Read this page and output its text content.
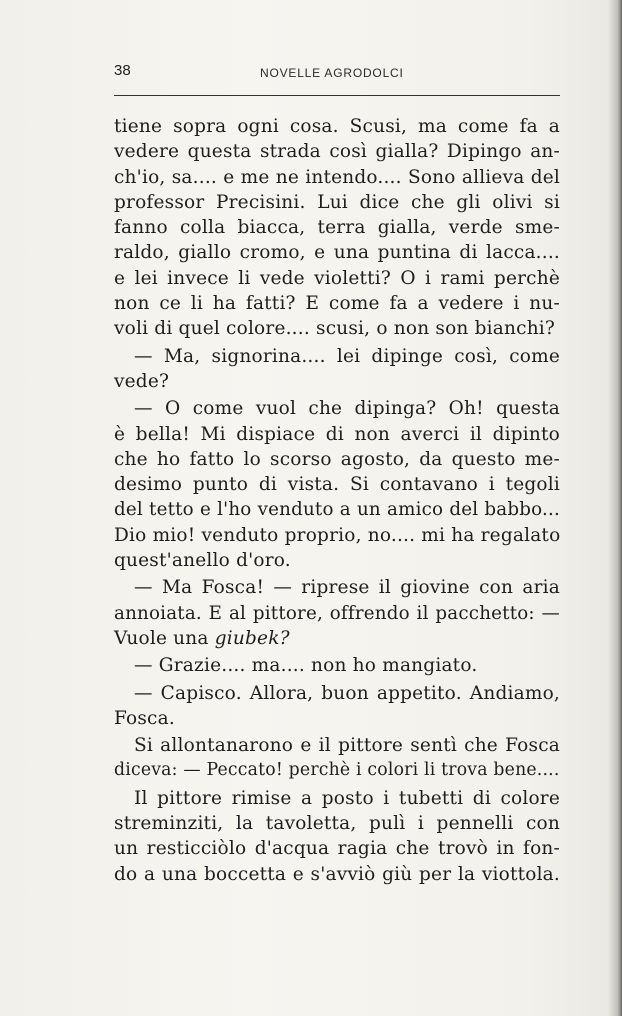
38	NOVELLE AGRODOLCI
tiene sopra ogni cosa. Scusi, ma come fa a
vedere questa strada così gialla? Dipingo an-
ch'io, sa.... e me ne intendo.... Sono allieva del
professor Precisini. Lui dice che gli olivi si
fanno colla biacca, terra gialla, verde sme-
raldo, giallo cromo, e una puntina di lacca....
e lei invece li vede violetti? O i rami perchè
non ce li ha fatti? E come fa a vedere i nu-
voli di quel colore.... scusi, o non son bianchi?
— Ma, signorina.... lei dipinge così, come
vede?
— O come vuol che dipinga? Oh! questa
è bella! Mi dispiace di non averci il dipinto
che ho fatto lo scorso agosto, da questo me-
desimo punto di vista. Si contavano i tegoli
del tetto e l'ho venduto a un amico del babbo...
Dio mio! venduto proprio, no.... mi ha regalato
quest'anello d'oro.
— Ma Fosca! — riprese il giovine con aria
annoiata. E al pittore, offrendo il pacchetto: —
Vuole una giubek?
— Grazie.... ma.... non ho mangiato.
— Capisco. Allora, buon appetito. Andiamo,
Fosca.
Si allontanarono e il pittore sentì che Fosca
diceva: — Peccato! perchè i colori li trova bene....
Il pittore rimise a posto i tubetti di colore
streminziti, la tavoletta, pulì i pennelli con
un resticciòlo d'acqua ragia che trovò in fon-
do a una boccetta e s'avviò giù per la viottola.
